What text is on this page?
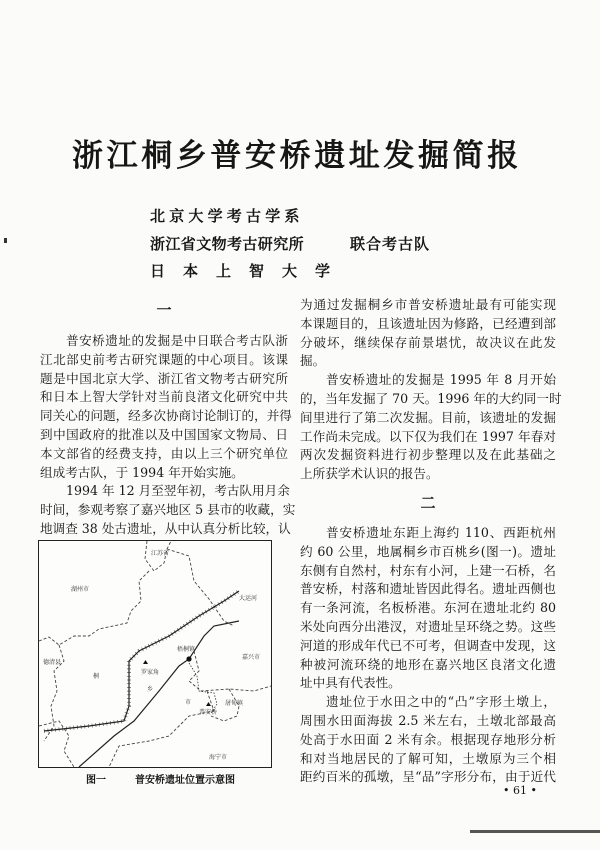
浙江桐乡普安桥遗址发掘简报
北京大学考古学系
浙江省文物考古研究所	联合考古队
日本上智大学
一
普安桥遗址的发掘是中日联合考古队浙
江北部史前考古研究课题的中心项目。该课
题是中国北京大学、浙江省文物考古研究所
和日本上智大学针对当前良渚文化研究中共
同关心的问题，经多次协商讨论制订的，并得
到中国政府的批准以及中国国家文物局、日
本文部省的经费支持，由以上三个研究单位
组成考古队，于 1994 年开始实施。
1994 年 12 月至翌年初，考古队用月余
时间，参观考察了嘉兴地区 5 县市的收藏，实
地调查 38 处古遗址，从中认真分析比较，认
江苏省
湖州市
大运河
德清县
桐
罗家角
乡
梧桐镇
市
嘉兴市
普安桥
屠甸镇
海宁市
图一	普安桥遗址位置示意图
为通过发掘桐乡市普安桥遗址最有可能实现
本课题目的，且该遗址因为修路，已经遭到部
分破坏，继续保存前景堪忧，故决议在此发
掘。
普安桥遗址的发掘是 1995 年 8 月开始
的，当年发掘了 70 天。1996 年的大约同一时
间里进行了第二次发掘。目前，该遗址的发掘
工作尚未完成。以下仅为我们在 1997 年春对
两次发掘资料进行初步整理以及在此基础之
上所获学术认识的报告。
二
普安桥遗址东距上海约 110、西距杭州
约 60 公里，地属桐乡市百桃乡(图一)。遗址
东侧有自然村，村东有小河，上建一石桥，名
普安桥，村落和遗址皆因此得名。遗址西侧也
有一条河流，名板桥港。东河在遗址北约 80
米处向西分出港汊，对遗址呈环绕之势。这些
河道的形成年代已不可考，但调查中发现，这
种被河流环绕的地形在嘉兴地区良渚文化遗
址中具有代表性。
遗址位于水田之中的“凸”字形土墩上，
周围水田面海拔 2.5 米左右，土墩北部最高
处高于水田面 2 米有余。根据现存地形分析
和对当地居民的了解可知，土墩原为三个相
距约百米的孤墩，呈“品”字形分布，由于近代
• 61 •
